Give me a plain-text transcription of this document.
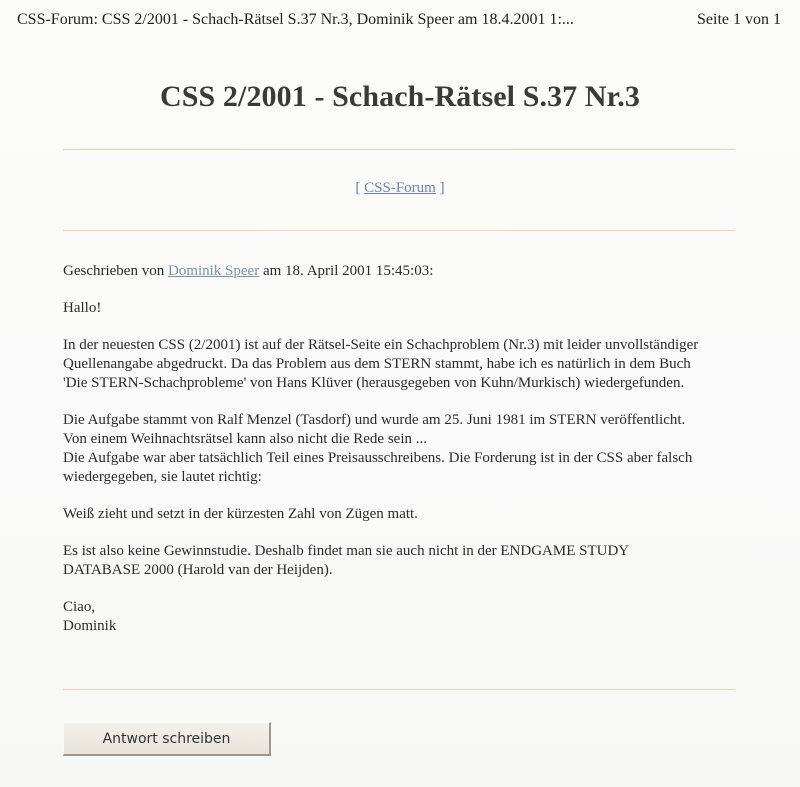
CSS-Forum: CSS 2/2001 - Schach-Rätsel S.37 Nr.3, Dominik Speer am 18.4.2001 1:...	Seite 1 von 1
CSS 2/2001 - Schach-Rätsel S.37 Nr.3
[ CSS-Forum ]

Geschrieben von Dominik Speer am 18. April 2001 15:45:03:

Hallo!

In der neuesten CSS (2/2001) ist auf der Rätsel-Seite ein Schachproblem (Nr.3) mit leider unvollständiger
Quellenangabe abgedruckt. Da das Problem aus dem STERN stammt, habe ich es natürlich in dem Buch
'Die STERN-Schachprobleme' von Hans Klüver (herausgegeben von Kuhn/Murkisch) wiedergefunden.

Die Aufgabe stammt von Ralf Menzel (Tasdorf) und wurde am 25. Juni 1981 im STERN veröffentlicht.
Von einem Weihnachtsrätsel kann also nicht die Rede sein ...
Die Aufgabe war aber tatsächlich Teil eines Preisausschreibens. Die Forderung ist in der CSS aber falsch
wiedergegeben, sie lautet richtig:

Weiß zieht und setzt in der kürzesten Zahl von Zügen matt.

Es ist also keine Gewinnstudie. Deshalb findet man sie auch nicht in der ENDGAME STUDY
DATABASE 2000 (Harold van der Heijden).

Ciao,
Dominik

Antwort schreiben
